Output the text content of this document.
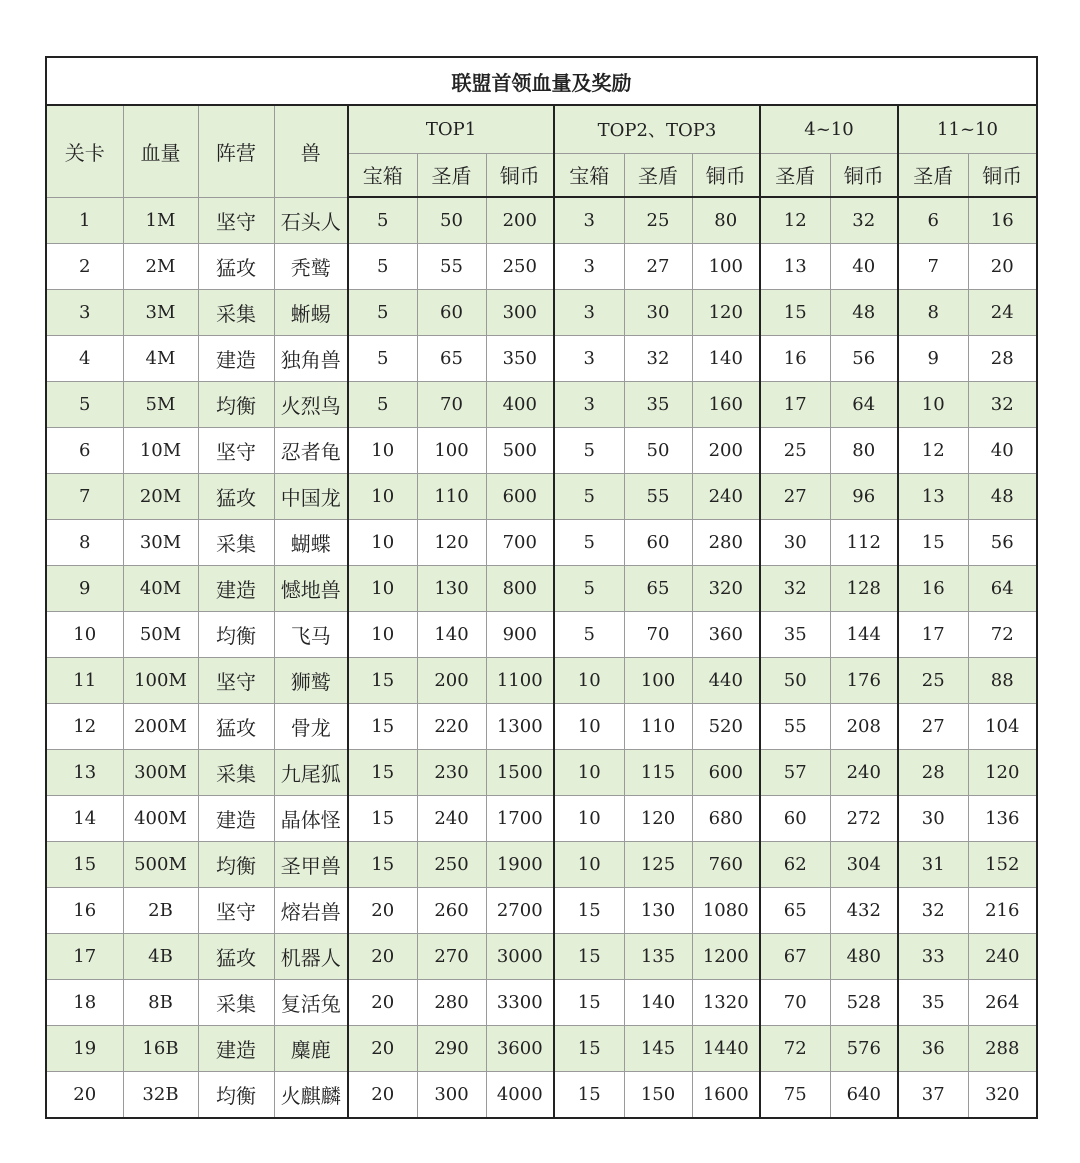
联盟首领血量及奖励													
关卡	血量	阵营	兽	TOP1			TOP2、TOP3			4~10		11~10	
				宝箱	圣盾	铜币	宝箱	圣盾	铜币	圣盾	铜币	圣盾	铜币
1	1M	坚守	石头人	5	50	200	3	25	80	12	32	6	16
2	2M	猛攻	秃鹫	5	55	250	3	27	100	13	40	7	20
3	3M	采集	蜥蜴	5	60	300	3	30	120	15	48	8	24
4	4M	建造	独角兽	5	65	350	3	32	140	16	56	9	28
5	5M	均衡	火烈鸟	5	70	400	3	35	160	17	64	10	32
6	10M	坚守	忍者龟	10	100	500	5	50	200	25	80	12	40
7	20M	猛攻	中国龙	10	110	600	5	55	240	27	96	13	48
8	30M	采集	蝴蝶	10	120	700	5	60	280	30	112	15	56
9	40M	建造	憾地兽	10	130	800	5	65	320	32	128	16	64
10	50M	均衡	飞马	10	140	900	5	70	360	35	144	17	72
11	100M	坚守	狮鹫	15	200	1100	10	100	440	50	176	25	88
12	200M	猛攻	骨龙	15	220	1300	10	110	520	55	208	27	104
13	300M	采集	九尾狐	15	230	1500	10	115	600	57	240	28	120
14	400M	建造	晶体怪	15	240	1700	10	120	680	60	272	30	136
15	500M	均衡	圣甲兽	15	250	1900	10	125	760	62	304	31	152
16	2B	坚守	熔岩兽	20	260	2700	15	130	1080	65	432	32	216
17	4B	猛攻	机器人	20	270	3000	15	135	1200	67	480	33	240
18	8B	采集	复活兔	20	280	3300	15	140	1320	70	528	35	264
19	16B	建造	麋鹿	20	290	3600	15	145	1440	72	576	36	288
20	32B	均衡	火麒麟	20	300	4000	15	150	1600	75	640	37	320
